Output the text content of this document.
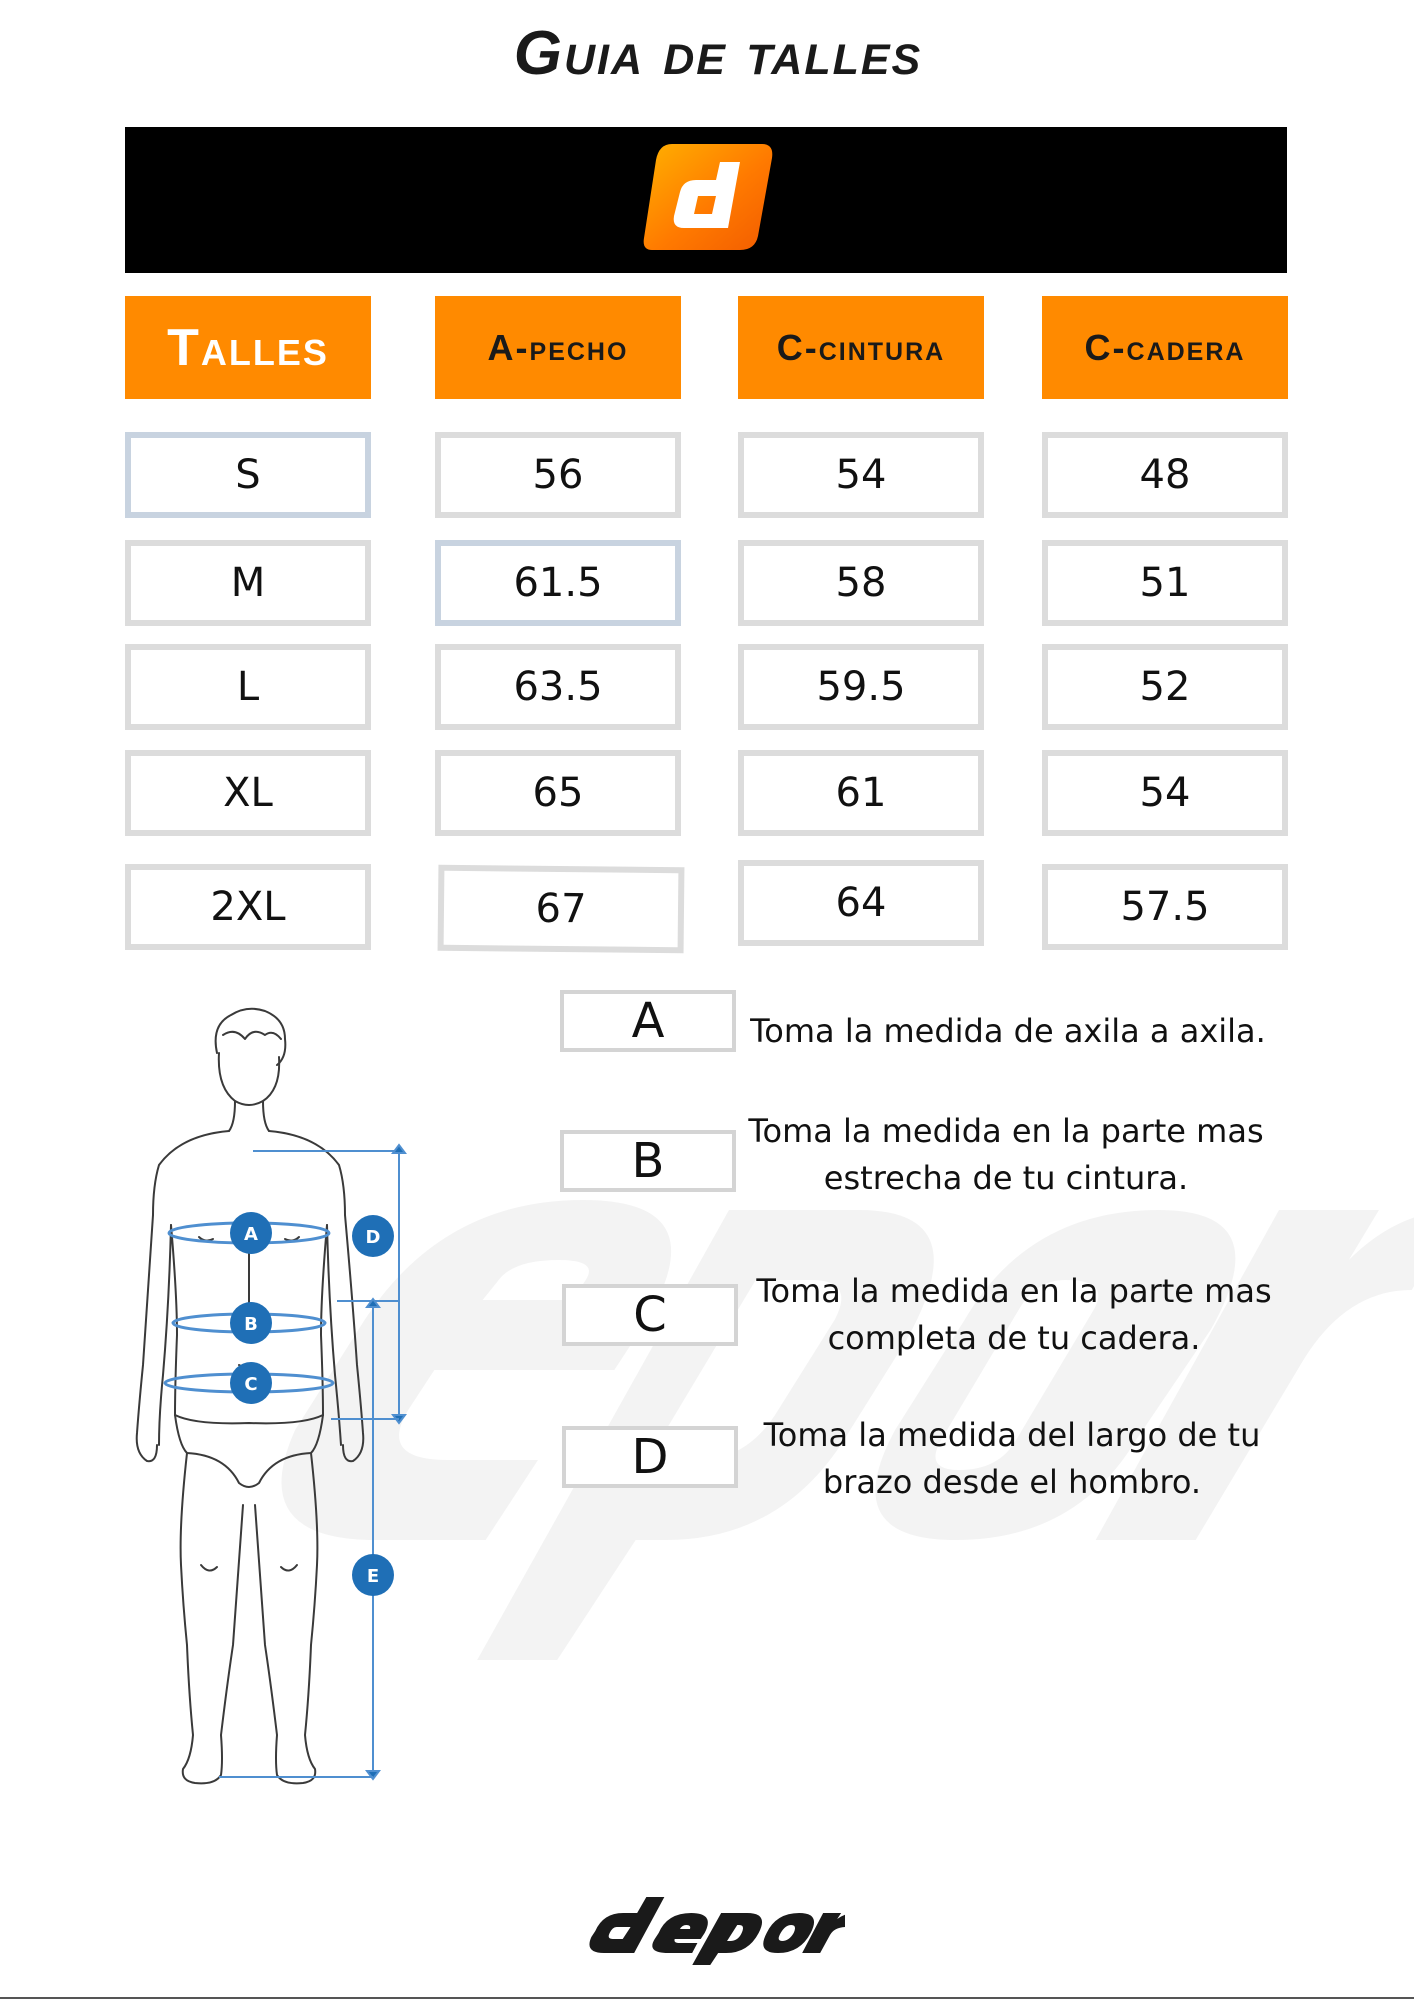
Guia de talles
Talles	A-pecho	C-cintura	C-cadera
S	56	54	48
M	61.5	58	51
L	63.5	59.5	52
XL	65	61	54
2XL	67	64	57.5
A
B
C
D
E
A	Toma la medida de axila a axila.
B
Toma la medida en la parte mas
estrecha de tu cintura.
C	Toma la medida en la parte mas
completa de tu cadera.
D	Toma la medida del largo de tu
brazo desde el hombro.
